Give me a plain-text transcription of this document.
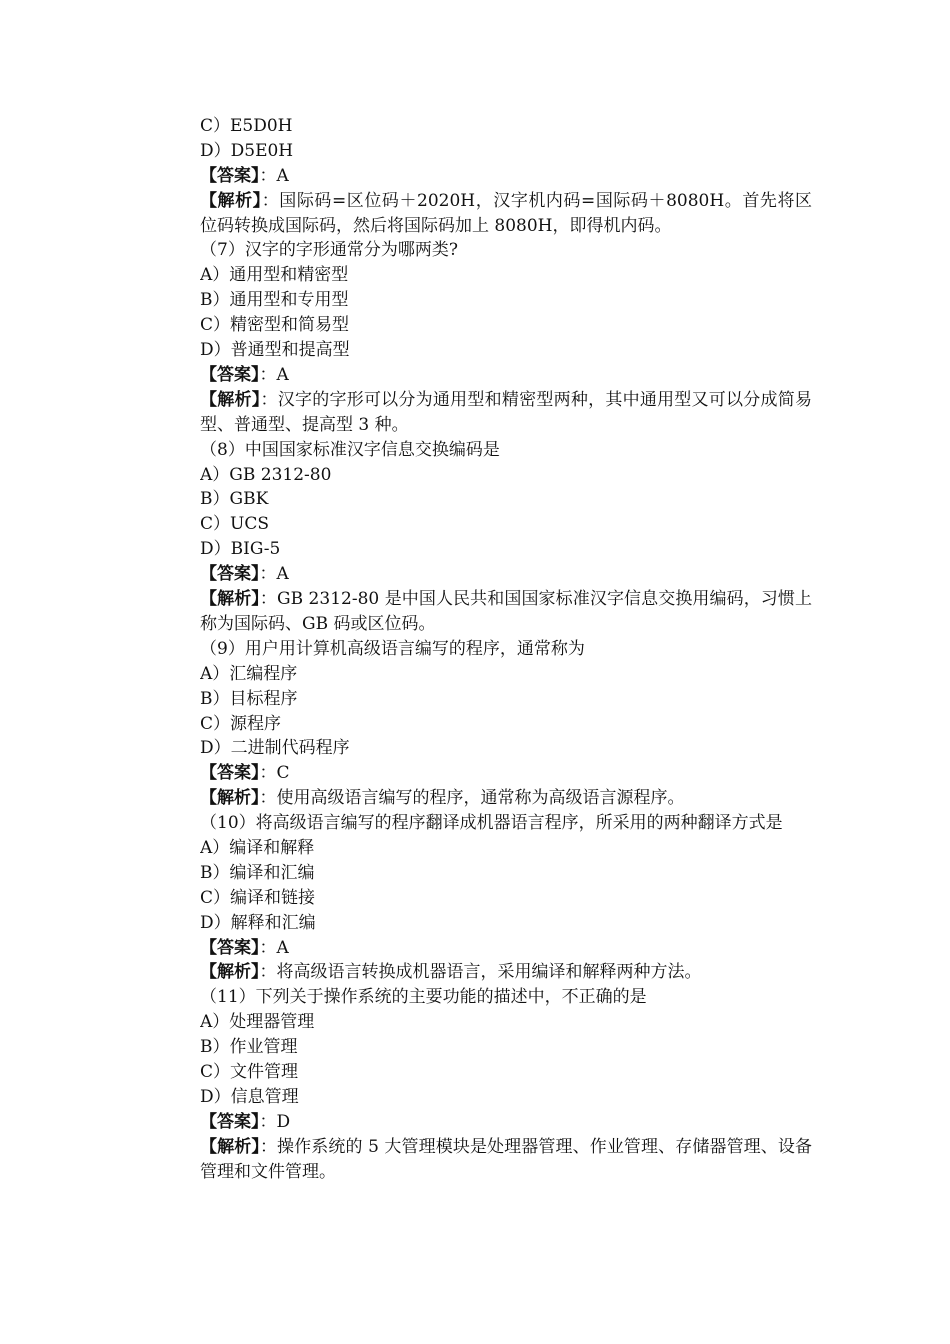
C）E5D0H
D）D5E0H
【答案】：A
【解析】：国际码=区位码＋2020H，汉字机内码=国际码＋8080H。首先将区位码转换成国际码，然后将国际码加上 8080H，即得机内码。
（7）汉字的字形通常分为哪两类?
A）通用型和精密型
B）通用型和专用型
C）精密型和简易型
D）普通型和提高型
【答案】：A
【解析】：汉字的字形可以分为通用型和精密型两种，其中通用型又可以分成简易型、普通型、提高型 3 种。
（8）中国国家标准汉字信息交换编码是
A）GB 2312-80
B）GBK
C）UCS
D）BIG-5
【答案】：A
【解析】：GB 2312-80 是中国人民共和国国家标准汉字信息交换用编码，习惯上称为国际码、GB 码或区位码。
（9）用户用计算机高级语言编写的程序，通常称为
A）汇编程序
B）目标程序
C）源程序
D）二进制代码程序
【答案】：C
【解析】：使用高级语言编写的程序，通常称为高级语言源程序。
（10）将高级语言编写的程序翻译成机器语言程序，所采用的两种翻译方式是
A）编译和解释
B）编译和汇编
C）编译和链接
D）解释和汇编
【答案】：A
【解析】：将高级语言转换成机器语言，采用编译和解释两种方法。
（11）下列关于操作系统的主要功能的描述中，不正确的是
A）处理器管理
B）作业管理
C）文件管理
D）信息管理
【答案】：D
【解析】：操作系统的 5 大管理模块是处理器管理、作业管理、存储器管理、设备管理和文件管理。
